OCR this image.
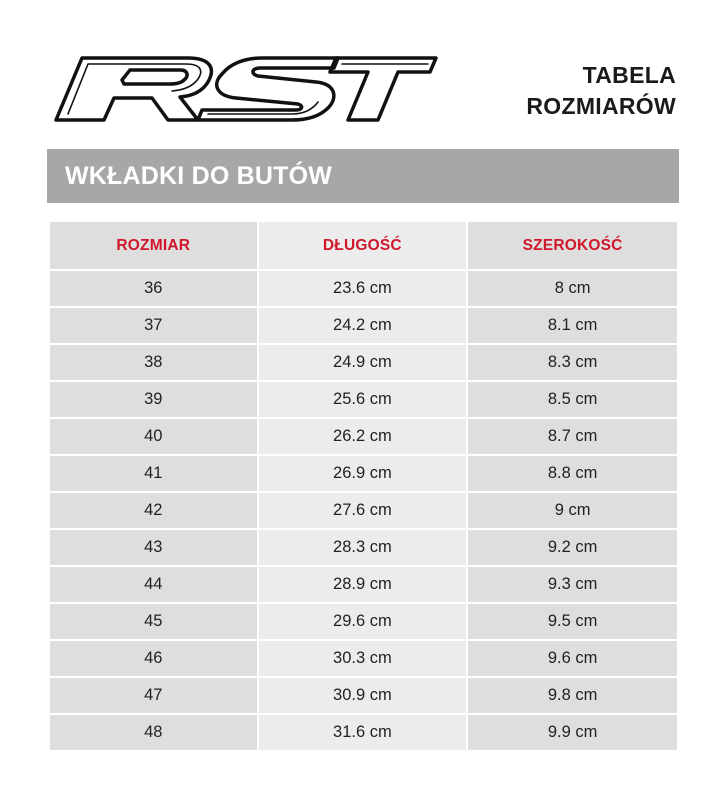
TABELA
ROZMIARÓW
WKŁADKI DO BUTÓW
ROZMIAR	DŁUGOŚĆ	SZEROKOŚĆ
36	23.6 cm	8 cm
37	24.2 cm	8.1 cm
38	24.9 cm	8.3 cm
39	25.6 cm	8.5 cm
40	26.2 cm	8.7 cm
41	26.9 cm	8.8 cm
42	27.6 cm	9 cm
43	28.3 cm	9.2 cm
44	28.9 cm	9.3 cm
45	29.6 cm	9.5 cm
46	30.3 cm	9.6 cm
47	30.9 cm	9.8 cm
48	31.6 cm	9.9 cm
